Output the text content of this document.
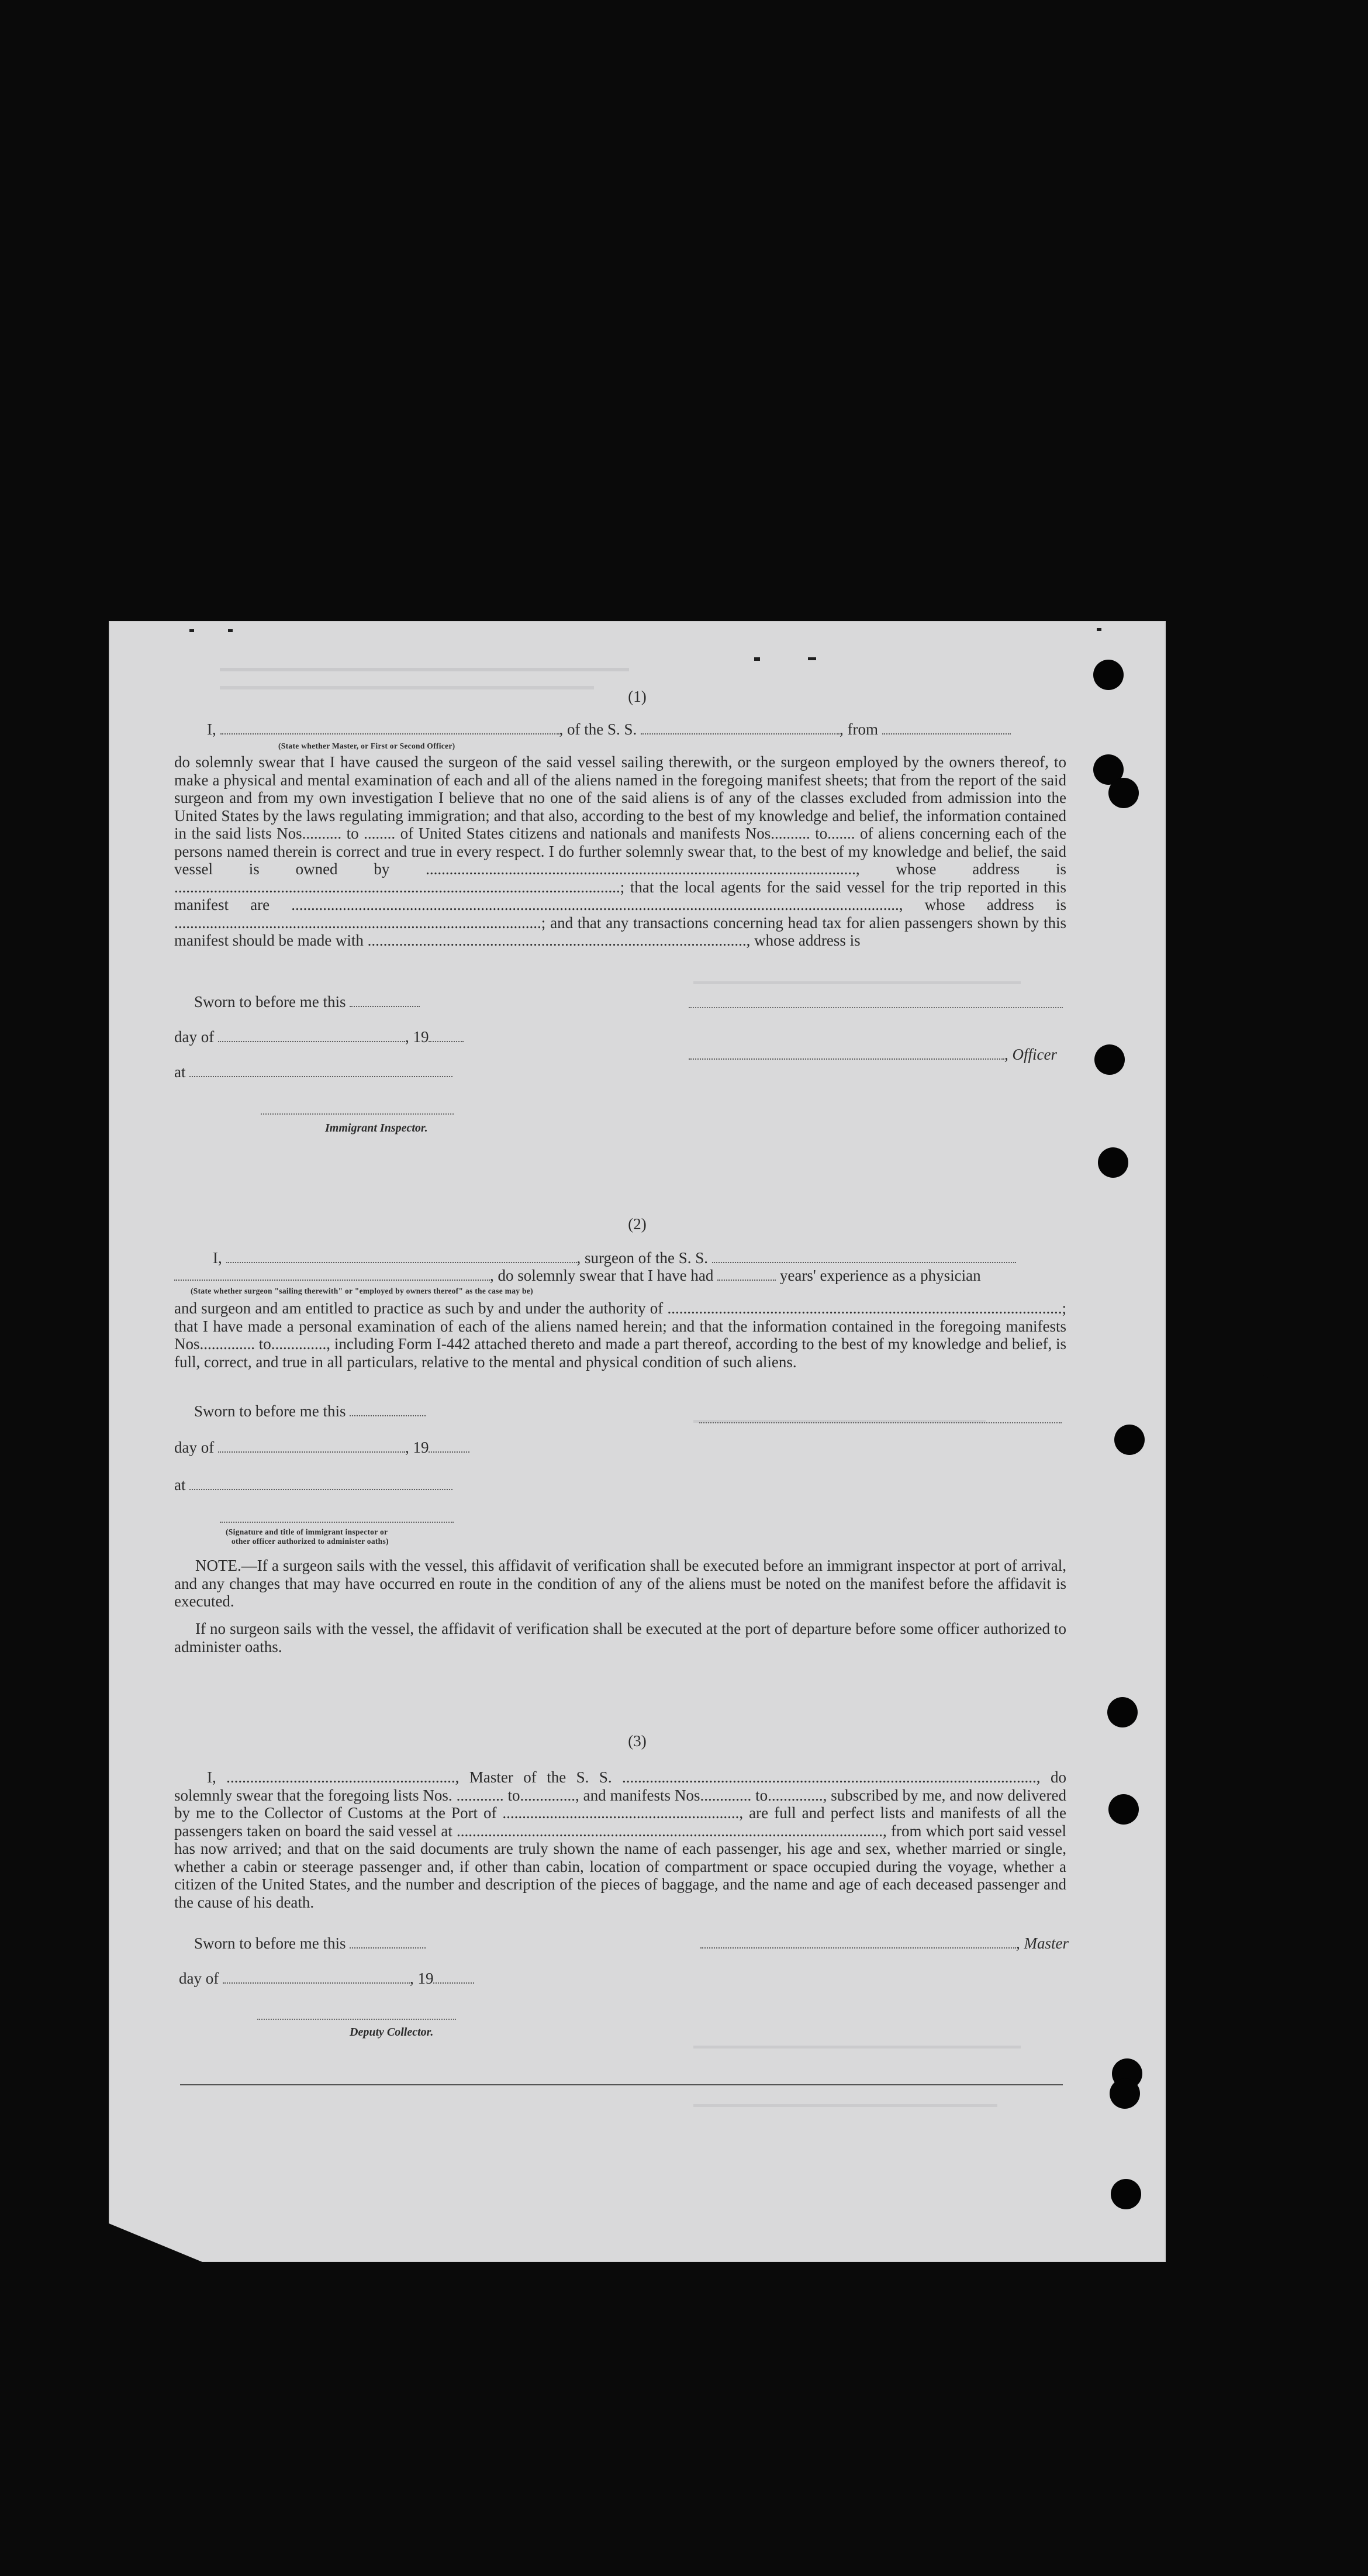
(1)
I,	, of the S. S.	, from
(State whether Master, or First or Second Officer)
do solemnly swear that I have caused the surgeon of the said vessel sailing therewith, or the surgeon employed by the owners thereof, to make a physical and mental examination of each and all of the aliens named in the foregoing manifest sheets; that from the report of the said surgeon and from my own investigation I believe that no one of the said aliens is of any of the classes excluded from admission into the United States by the laws regulating immigration; and that also, according to the best of my knowledge and belief, the information contained in the said lists Nos.......... to ........ of United States citizens and nationals and manifests Nos.......... to....... of aliens concerning each of the persons named therein is correct and true in every respect. I do further solemnly swear that, to the best of my knowledge and belief, the said vessel is owned by ............................................................................................................., whose address is .................................................................................................................; that the local agents for the said vessel for the trip reported in this manifest are .........................................................................................................................................................., whose address is .............................................................................................; and that any transactions concerning head tax for alien passengers shown by this manifest should be made with ................................................................................................, whose address is
Sworn to before me this
day of	, 19
, Officer
at
Immigrant Inspector.
(2)
I,	, surgeon of the S. S.
, do solemnly swear that I have had	years' experience as a physician
(State whether surgeon "sailing therewith" or "employed by owners thereof" as the case may be)
and surgeon and am entitled to practice as such by and under the authority of ....................................................................................................; that I have made a personal examination of each of the aliens named herein; and that the information contained in the foregoing manifests Nos.............. to.............., including Form I-442 attached thereto and made a part thereof, according to the best of my knowledge and belief, is full, correct, and true in all particulars, relative to the mental and physical condition of such aliens.
Sworn to before me this
day of	, 19
at
(Signature and title of immigrant inspector or
other officer authorized to administer oaths)
NOTE.—If a surgeon sails with the vessel, this affidavit of verification shall be executed before an immigrant inspector at port of arrival, and any changes that may have occurred en route in the condition of any of the aliens must be noted on the manifest before the affidavit is executed.
If no surgeon sails with the vessel, the affidavit of verification shall be executed at the port of departure before some officer authorized to administer oaths.
(3)
I, .........................................................., Master of the S. S. ........................................................................................................., do solemnly swear that the foregoing lists Nos. ............ to.............., and manifests Nos............. to.............., subscribed by me, and now delivered by me to the Collector of Customs at the Port of ............................................................, are full and perfect lists and manifests of all the passengers taken on board the said vessel at ............................................................................................................, from which port said vessel has now arrived; and that on the said documents are truly shown the name of each passenger, his age and sex, whether married or single, whether a cabin or steerage passenger and, if other than cabin, location of compartment or space occupied during the voyage, whether a citizen of the United States, and the number and description of the pieces of baggage, and the name and age of each deceased passenger and the cause of his death.
Sworn to before me this	, Master
day of	, 19
Deputy Collector.
